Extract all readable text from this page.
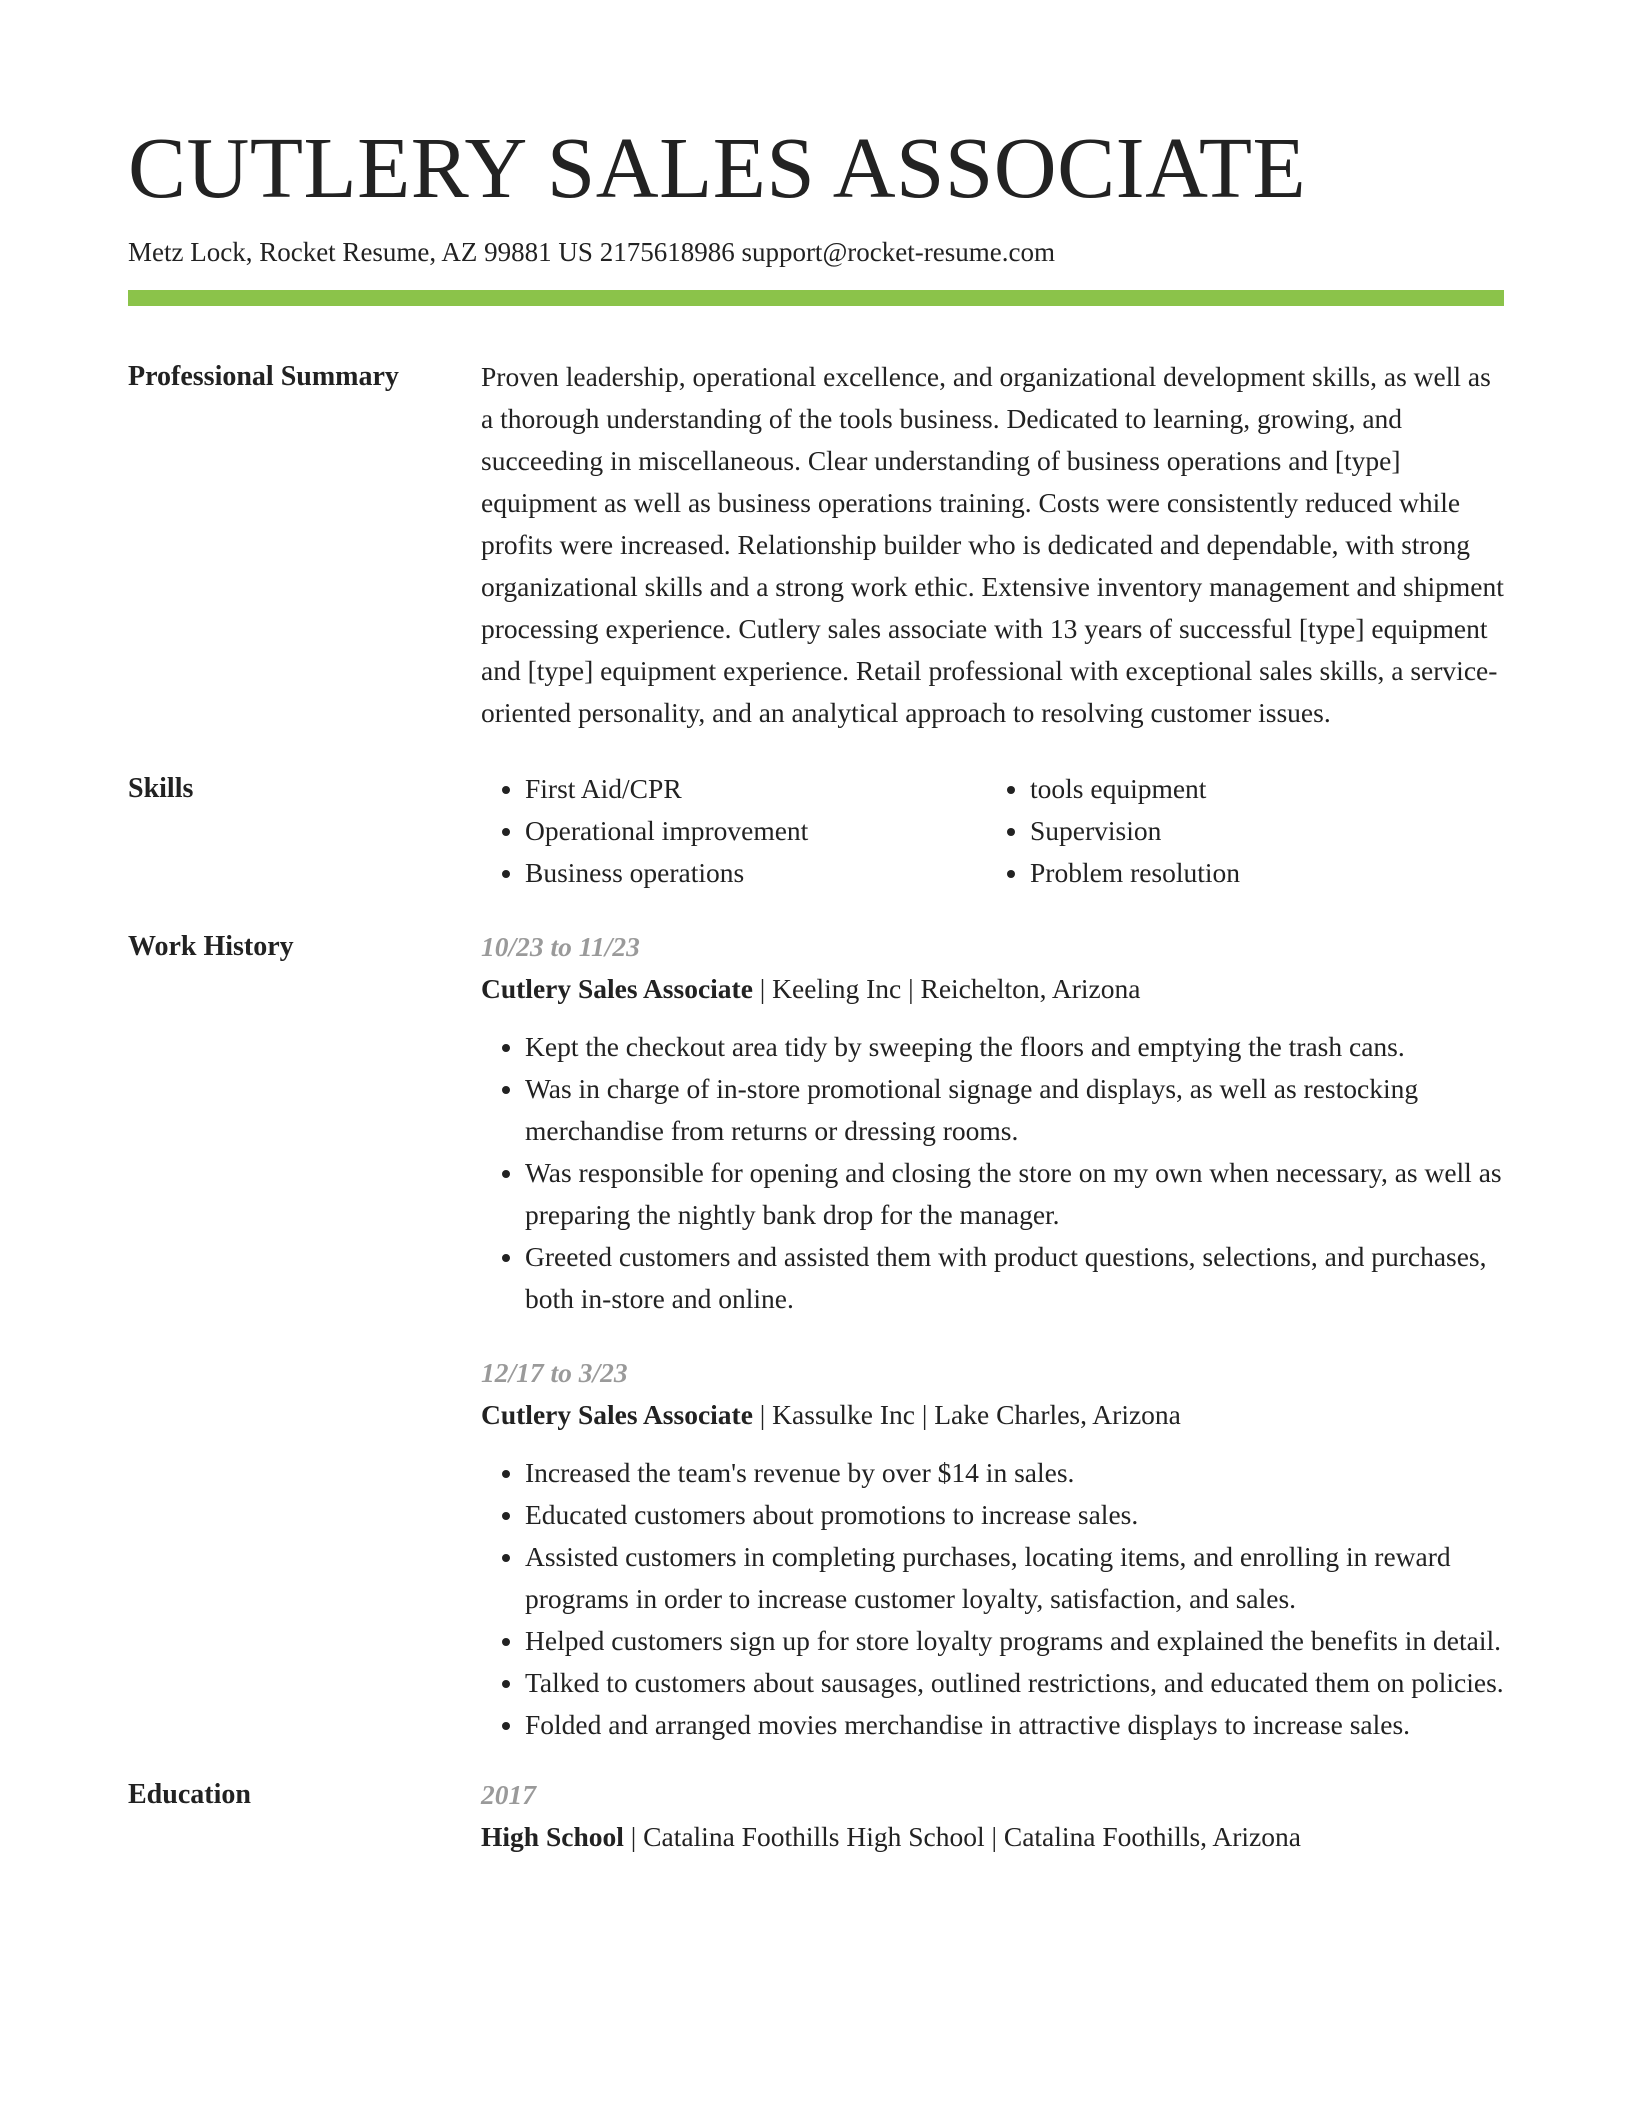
CUTLERY SALES ASSOCIATE
Metz Lock, Rocket Resume, AZ 99881 US 2175618986 support@rocket-resume.com
Professional Summary	Proven leadership, operational excellence, and organizational development skills, as well as a thorough understanding of the tools business. Dedicated to learning, growing, and succeeding in miscellaneous. Clear understanding of business operations and [type] equipment as well as business operations training. Costs were consistently reduced while profits were increased. Relationship builder who is dedicated and dependable, with strong organizational skills and a strong work ethic. Extensive inventory management and shipment processing experience. Cutlery sales associate with 13 years of successful [type] equipment and [type] equipment experience. Retail professional with exceptional sales skills, a service-oriented personality, and an analytical approach to resolving customer issues.

Skills
•	First Aid/CPR
• Operational improvement
• Business operations
• tools equipment
• Supervision
• Problem resolution
Work History	10/23 to 11/23
Cutlery Sales Associate | Keeling Inc | Reichelton, Arizona
• Kept the checkout area tidy by sweeping the floors and emptying the trash cans.
• Was in charge of in-store promotional signage and displays, as well as restocking merchandise from returns or dressing rooms.
• Was responsible for opening and closing the store on my own when necessary, as well as preparing the nightly bank drop for the manager.
• Greeted customers and assisted them with product questions, selections, and purchases, both in-store and online.
12/17 to 3/23
Cutlery Sales Associate | Kassulke Inc | Lake Charles, Arizona
• Increased the team's revenue by over $14 in sales.
• Educated customers about promotions to increase sales.
• Assisted customers in completing purchases, locating items, and enrolling in reward programs in order to increase customer loyalty, satisfaction, and sales.
• Helped customers sign up for store loyalty programs and explained the benefits in detail.
• Talked to customers about sausages, outlined restrictions, and educated them on policies.
• Folded and arranged movies merchandise in attractive displays to increase sales.
Education	2017
High School | Catalina Foothills High School | Catalina Foothills, Arizona
